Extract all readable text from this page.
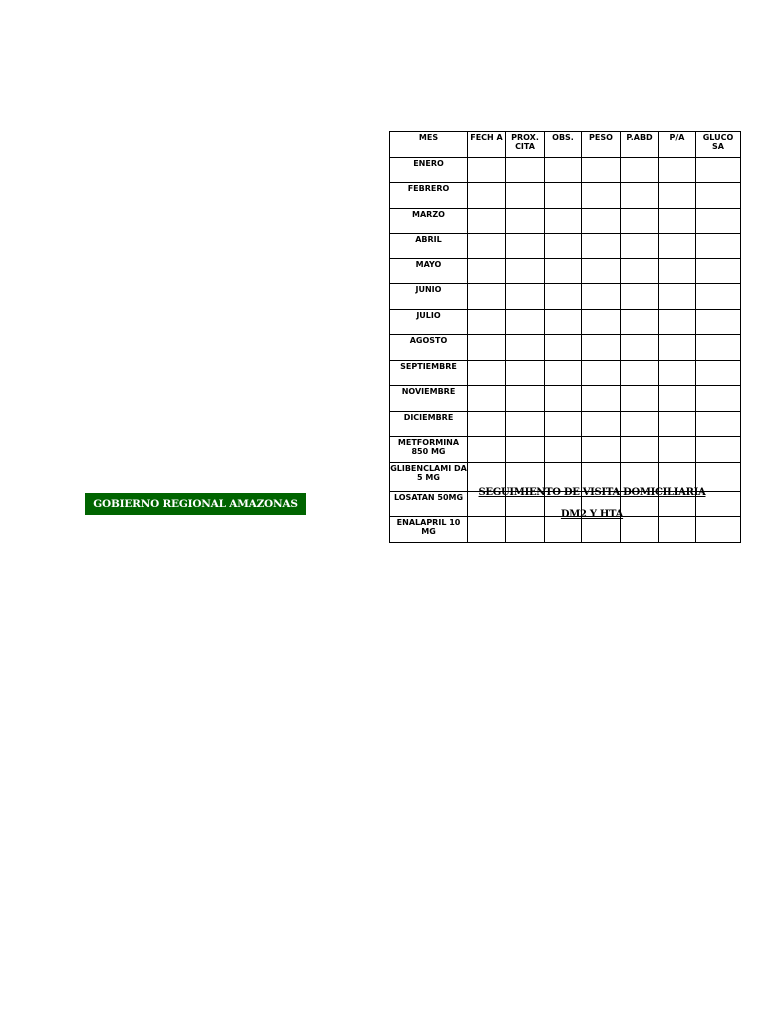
GOBIERNO REGIONAL AMAZONAS
MES	FECH A	PROX. CITA	OBS.	PESO	P.ABD	P/A	GLUCO SA
ENERO							
FEBRERO							
MARZO							
ABRIL							
MAYO							
JUNIO							
JULIO							
AGOSTO							
SEPTIEMBRE							
NOVIEMBRE							
DICIEMBRE							
METFORMINA 850 MG							
GLIBENCLAMI DA 5 MG							
LOSATAN 50MG							
ENALAPRIL 10 MG							
SEGUIMIENTO DE VISITA DOMICILIARIA
DM2 Y HTA
